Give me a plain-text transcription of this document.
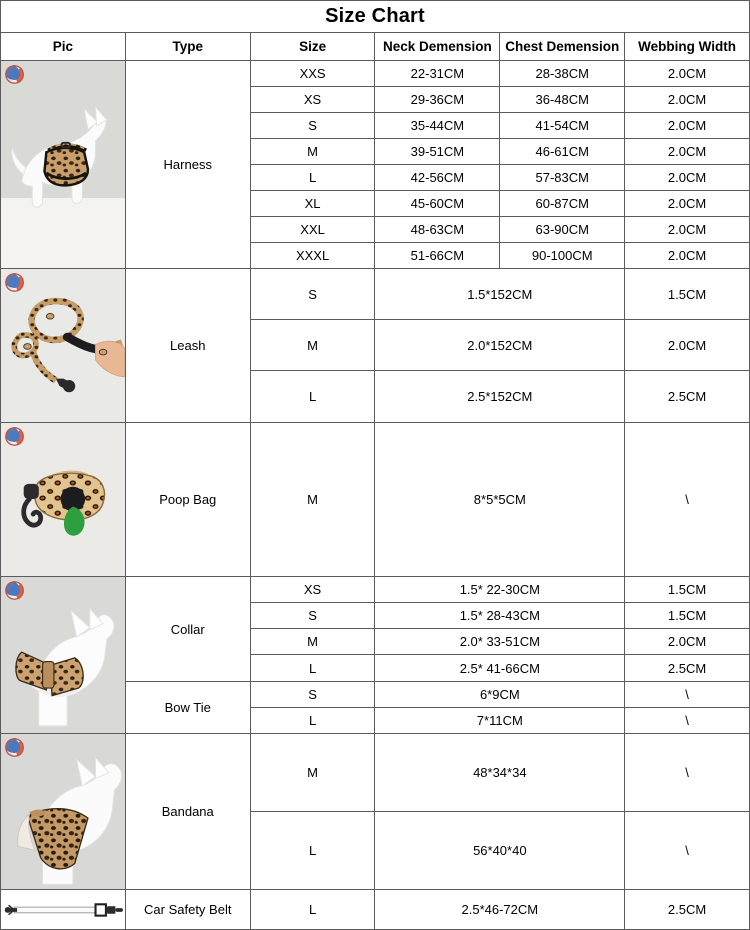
Size Chart					
Pic	Type	Size	Neck Demension	Chest Demension	Webbing Width

	Harness	XXS	22-31CM	28-38CM	2.0CM
		XS	29-36CM	36-48CM	2.0CM
		S	35-44CM	41-54CM	2.0CM
		M	39-51CM	46-61CM	2.0CM
		L	42-56CM	57-83CM	2.0CM
		XL	45-60CM	60-87CM	2.0CM
		XXL	48-63CM	63-90CM	2.0CM
		XXXL	51-66CM	90-100CM	2.0CM

	Leash	S	1.5*152CM		1.5CM
		M	2.0*152CM		2.0CM
		L	2.5*152CM		2.5CM

	Poop Bag	M	8*5*5CM		\

	Collar	XS	1.5* 22-30CM		1.5CM
		S	1.5* 28-43CM		1.5CM
		M	2.0* 33-51CM		2.0CM
		L	2.5* 41-66CM		2.5CM
	Bow Tie	S	6*9CM		\
		L	7*11CM		\

	Bandana	M	48*34*34		\
		L	56*40*40		\

	Car Safety Belt	L	2.5*46-72CM		2.5CM
